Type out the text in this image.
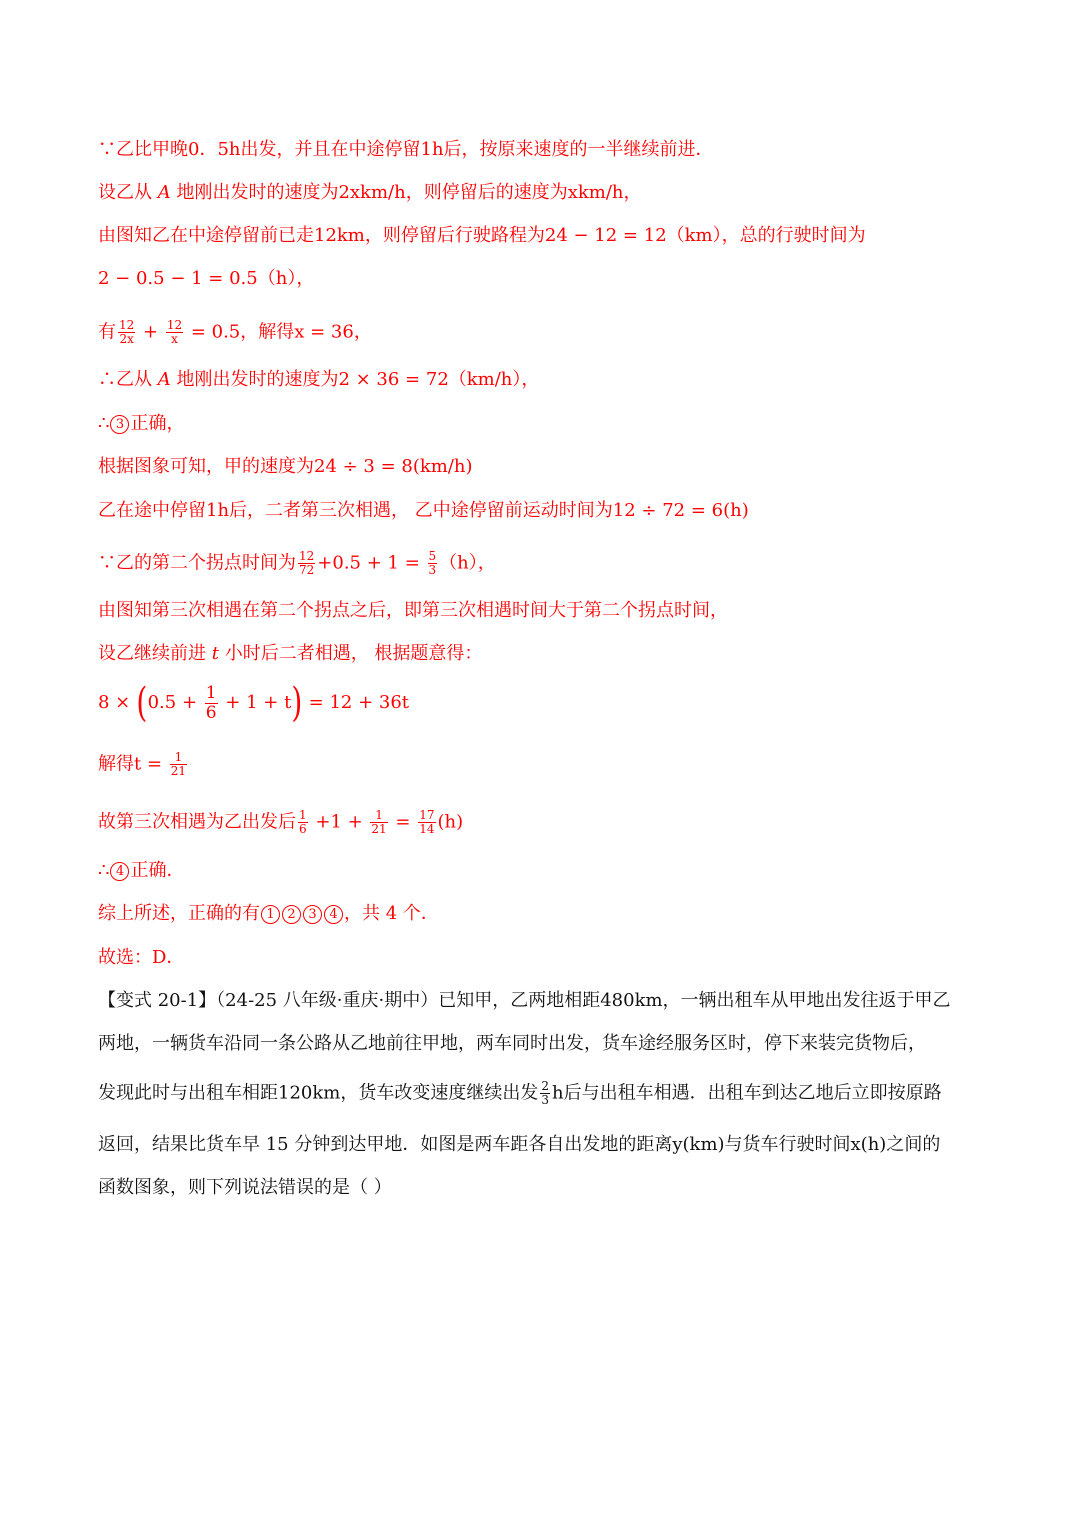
∵乙比甲晚0．5h出发，并且在中途停留1h后，按原来速度的一半继续前进．
设乙从 A 地刚出发时的速度为2xkm/h，则停留后的速度为xkm/h，
由图知乙在中途停留前已走12km，则停留后行驶路程为24 − 12 = 12（km），总的行驶时间为
2 − 0.5 − 1 = 0.5（h），
有 $\frac{12}{2x} + \frac{12}{x} = 0.5$，解得x = 36，
∴乙从 A 地刚出发时的速度为2 × 36 = 72（km/h），
∴ 3 正确，
根据图象可知，甲的速度为24 ÷ 3 = 8(km/h)
乙在途中停留1h后，二者第三次相遇， 乙中途停留前运动时间为12 ÷ 72 = 6(h)
∵乙的第二个拐点时间为 $\frac{12}{72} +0.5 + 1 = \frac{5}{3} (h)$，
由图知第三次相遇在第二个拐点之后，即第三次相遇时间大于第二个拐点时间，
设乙继续前进 t 小时后二者相遇， 根据题意得：
$8 \times (0.5 + \frac{1}{6} + 1 + t) = 12 + 36t$
解得$t = \frac{1}{21}$
故第三次相遇为乙出发后 $\frac{1}{6} +1 + \frac{1}{21} = \frac{17}{14} (h)$
∴ 4 正确．
综上所述，正确的有 1 2 3 4 ，共 4 个．
故选：D．
【变式 20-1】（24-25 八年级·重庆·期中）已知甲，乙两地相距480km，一辆出租车从甲地出发往返于甲乙
两地，一辆货车沿同一条公路从乙地前往甲地，两车同时出发，货车途经服务区时，停下来装完货物后，
发现此时与出租车相距120km，货车改变速度继续出发 $\frac{2}{3}$ h后与出租车相遇．出租车到达乙地后立即按原路
返回，结果比货车早 15 分钟到达甲地．如图是两车距各自出发地的距离y(km)与货车行驶时间x(h)之间的
函数图象，则下列说法错误的是（ ）
